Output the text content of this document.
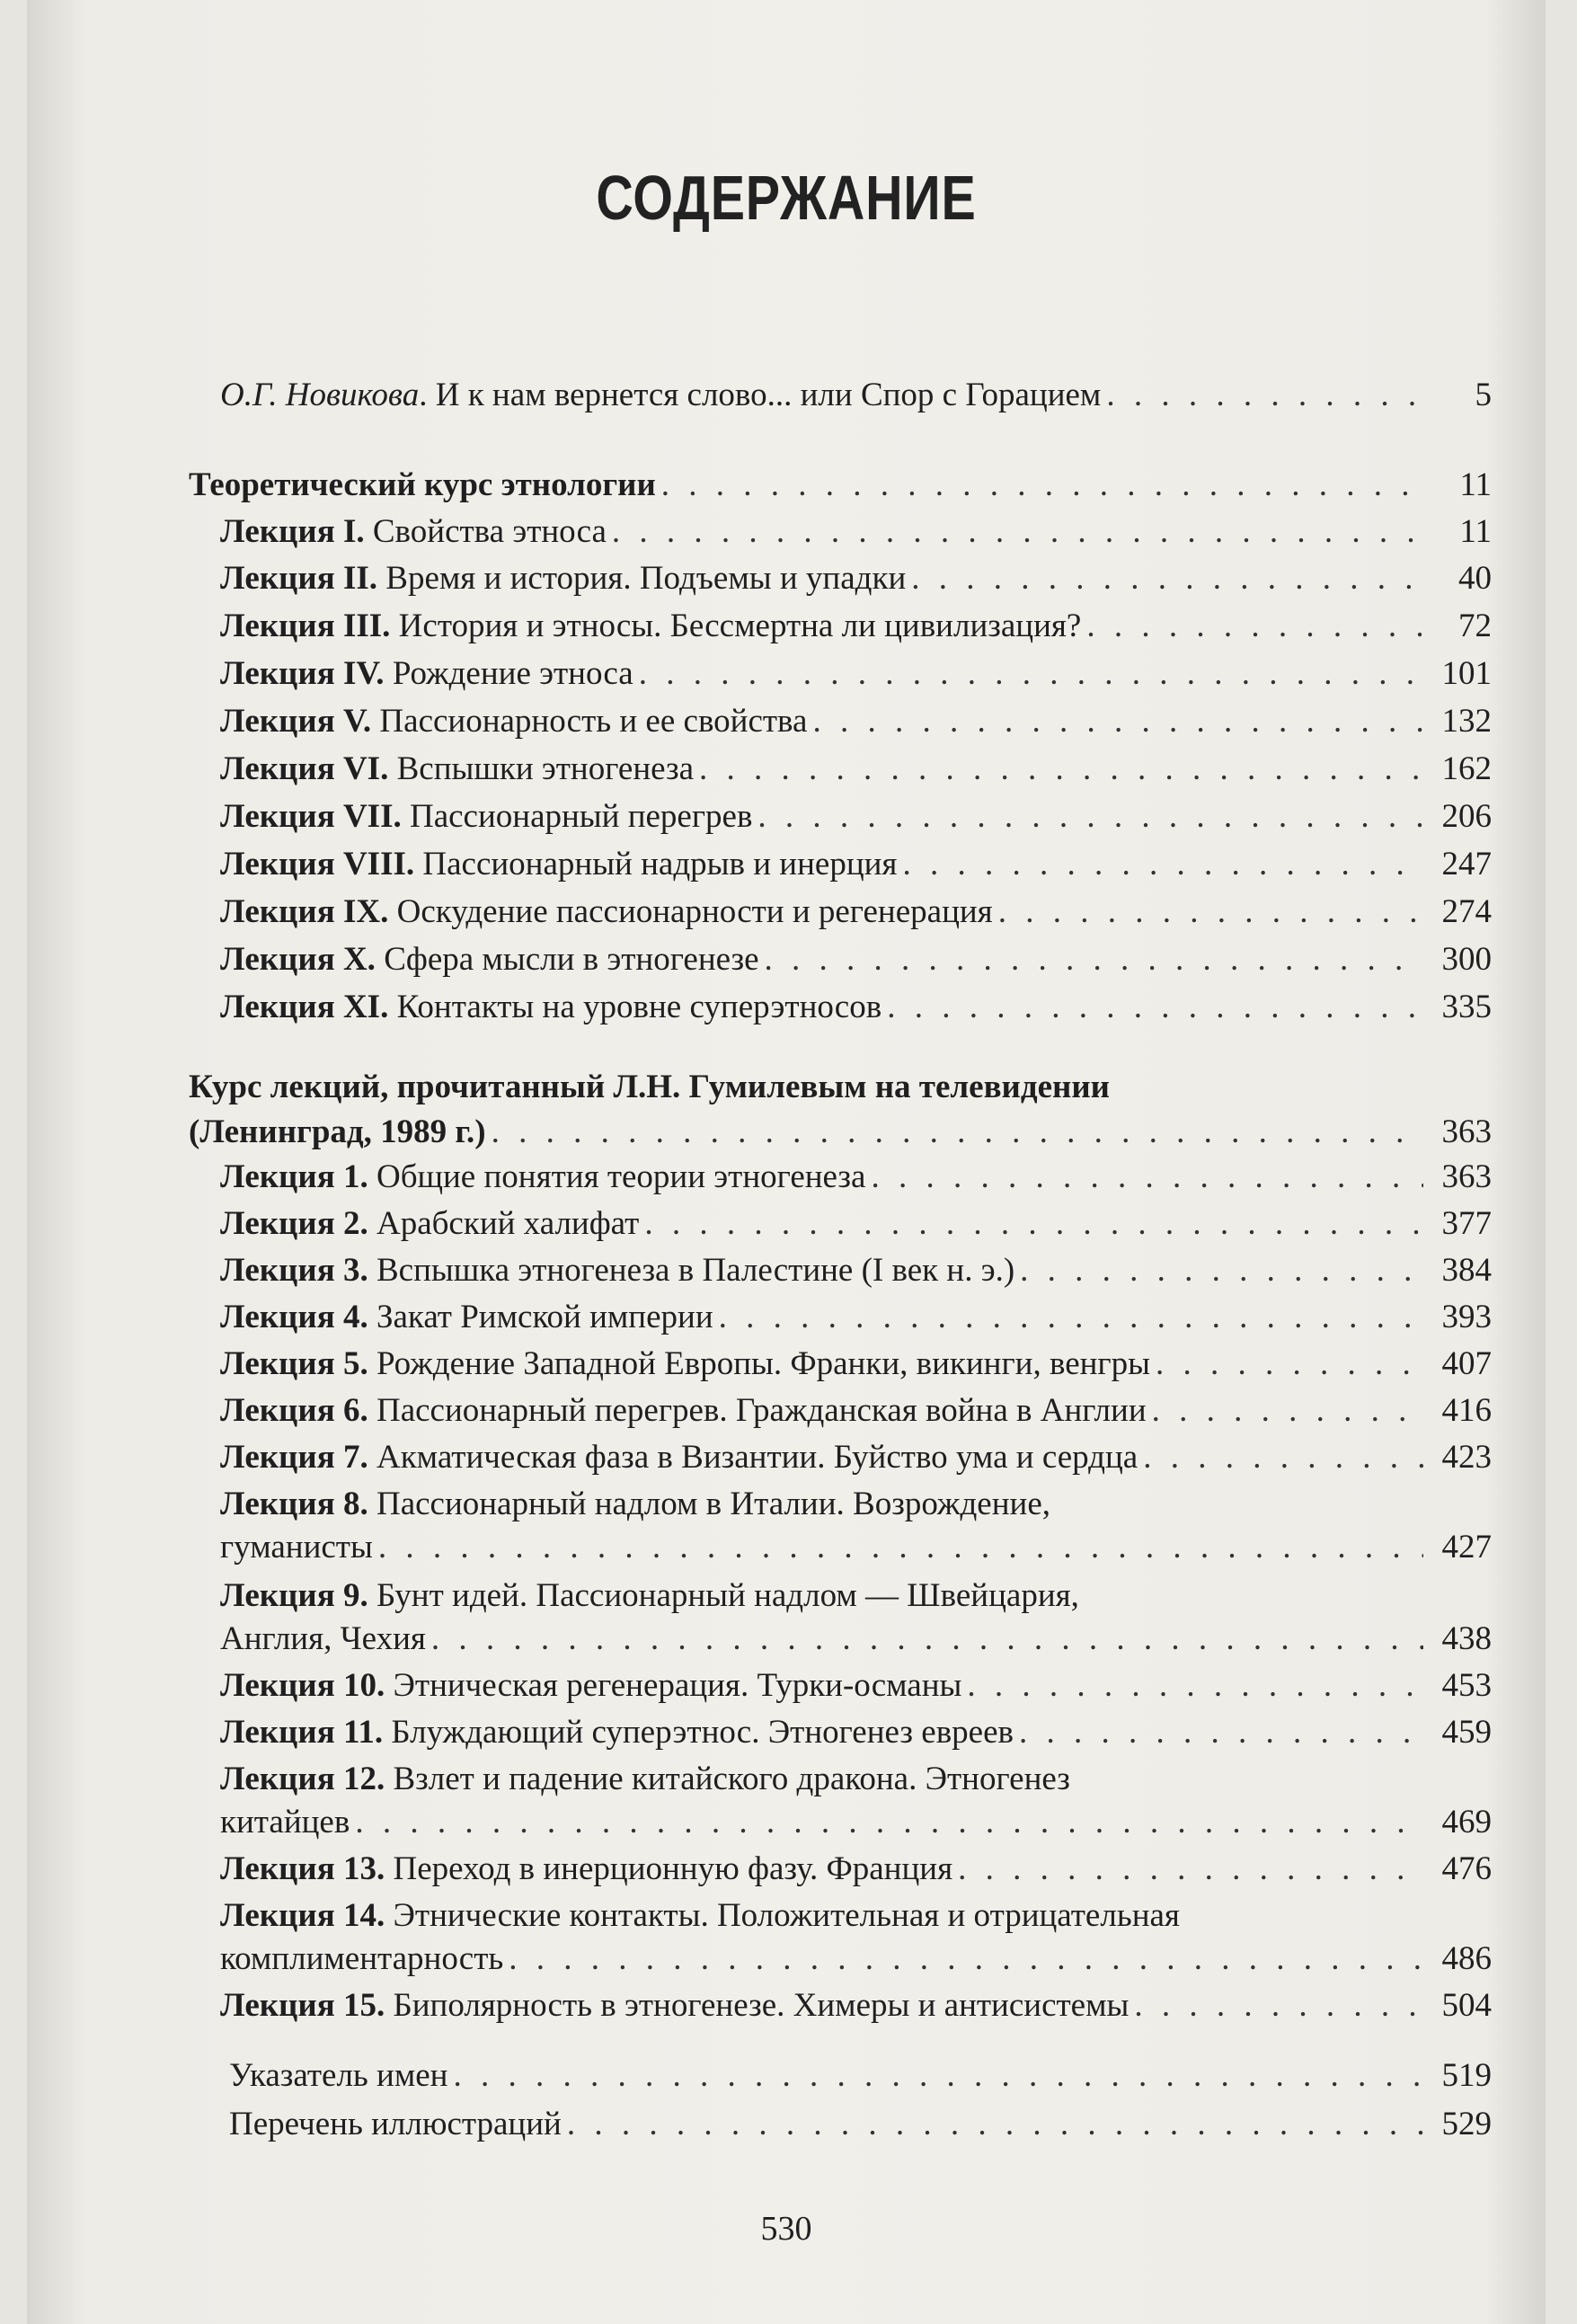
СОДЕРЖАНИЕ
О.Г. Новикова. И к нам вернется слово... или Спор с Горацием . . .	5
Теоретический курс этнологии . . .	11
Лекция I. Свойства этноса . . .	11
Лекция II. Время и история. Подъемы и упадки . . .	40
Лекция III. История и этносы. Бессмертна ли цивилизация? . . .	72
Лекция IV. Рождение этноса . . .	101
Лекция V. Пассионарность и ее свойства . . .	132
Лекция VI. Вспышки этногенеза . . .	162
Лекция VII. Пассионарный перегрев . . .	206
Лекция VIII. Пассионарный надрыв и инерция . . .	247
Лекция IX. Оскудение пассионарности и регенерация . . .	274
Лекция X. Сфера мысли в этногенезе . . .	300
Лекция XI. Контакты на уровне суперэтносов . . .	335
Курс лекций, прочитанный Л.Н. Гумилевым на телевидении
(Ленинград, 1989 г.) . . .	363
Лекция 1. Общие понятия теории этногенеза . . .	363
Лекция 2. Арабский халифат . . .	377
Лекция 3. Вспышка этногенеза в Палестине (I век н. э.) . . .	384
Лекция 4. Закат Римской империи . . .	393
Лекция 5. Рождение Западной Европы. Франки, викинги, венгры . . .	407
Лекция 6. Пассионарный перегрев. Гражданская война в Англии . . .	416
Лекция 7. Акматическая фаза в Византии. Буйство ума и сердца . . .	423
Лекция 8. Пассионарный надлом в Италии. Возрождение,
гуманисты . . .	427
Лекция 9. Бунт идей. Пассионарный надлом — Швейцария,
Англия, Чехия . . .	438
Лекция 10. Этническая регенерация. Турки-османы . . .	453
Лекция 11. Блуждающий суперэтнос. Этногенез евреев . . .	459
Лекция 12. Взлет и падение китайского дракона. Этногенез
китайцев . . .	469
Лекция 13. Переход в инерционную фазу. Франция . . .	476
Лекция 14. Этнические контакты. Положительная и отрицательная
комплиментарность . . .	486
Лекция 15. Биполярность в этногенезе. Химеры и антисистемы . . .	504
Указатель имен . . .	519
Перечень иллюстраций . . .	529
530
